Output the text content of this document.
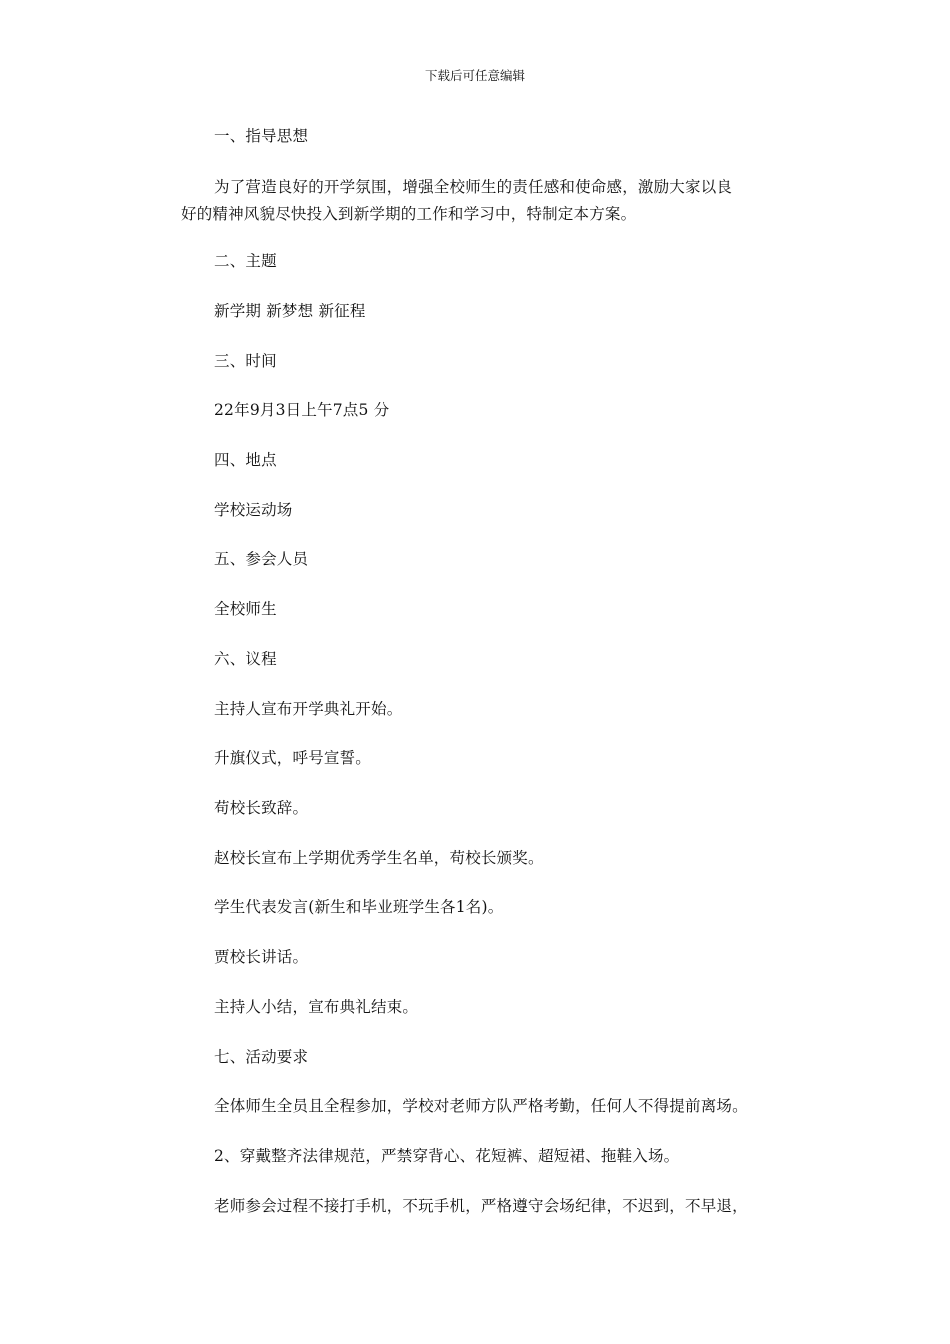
下载后可任意编辑
一、指导思想
为了营造良好的开学氛围，增强全校师生的责任感和使命感，激励大家以良
好的精神风貌尽快投入到新学期的工作和学习中，特制定本方案。
二、主题
新学期 新梦想 新征程
三、时间
22年9月3日上午7点5 分
四、地点
学校运动场
五、参会人员
全校师生
六、议程
主持人宣布开学典礼开始。
升旗仪式，呼号宣誓。
苟校长致辞。
赵校长宣布上学期优秀学生名单，苟校长颁奖。
学生代表发言(新生和毕业班学生各1名)。
贾校长讲话。
主持人小结，宣布典礼结束。
七、活动要求
全体师生全员且全程参加，学校对老师方队严格考勤，任何人不得提前离场。
2、穿戴整齐法律规范，严禁穿背心、花短裤、超短裙、拖鞋入场。
老师参会过程不接打手机，不玩手机，严格遵守会场纪律，不迟到，不早退，
